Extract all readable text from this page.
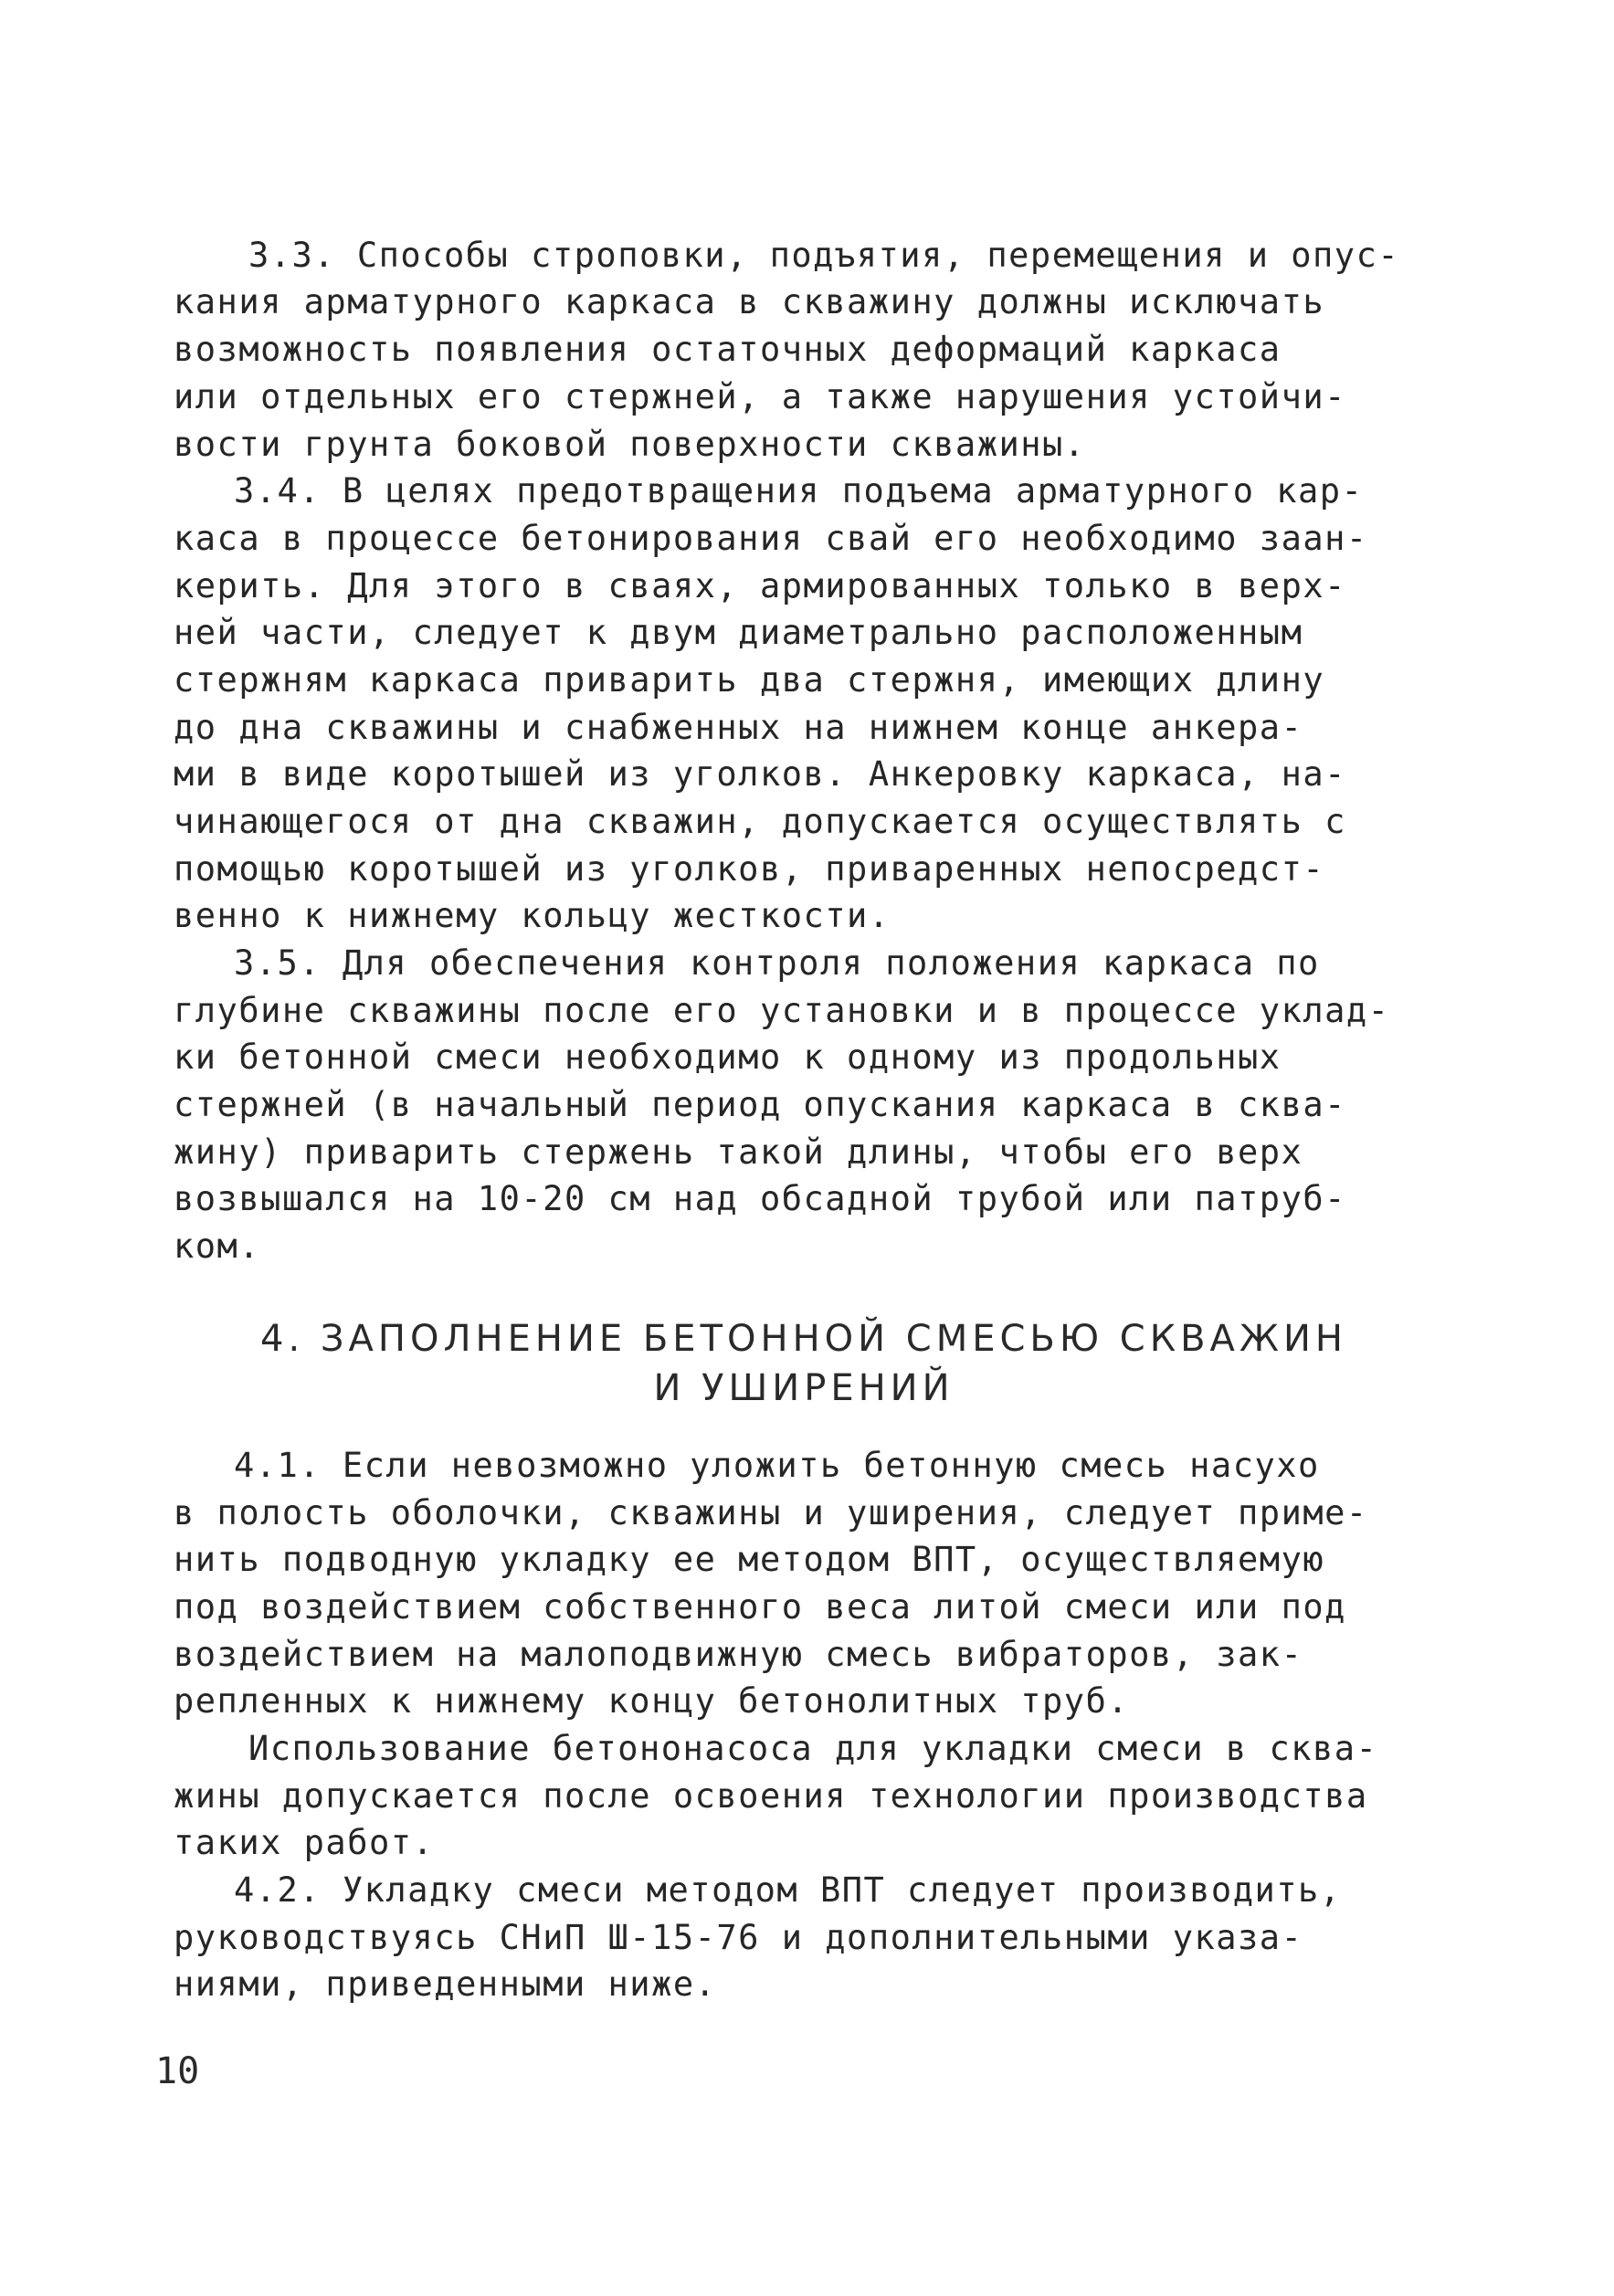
3.3. Способы строповки, подъятия, перемещения и опус-
кания арматурного каркаса в скважину должны исключать
возможность появления остаточных деформаций каркаса
или отдельных его стержней, а также нарушения устойчи-
вости грунта боковой поверхности скважины.
3.4. В целях предотвращения подъема арматурного кар-
каса в процессе бетонирования свай его необходимо заан-
керить. Для этого в сваях, армированных только в верх-
ней части, следует к двум диаметрально расположенным
стержням каркаса приварить два стержня, имеющих длину
до дна скважины и снабженных на нижнем конце анкера-
ми в виде коротышей из уголков. Анкеровку каркаса, на-
чинающегося от дна скважин, допускается осуществлять с
помощью коротышей из уголков, приваренных непосредст-
венно к нижнему кольцу жесткости.
3.5. Для обеспечения контроля положения каркаса по
глубине скважины после его установки и в процессе уклад-
ки бетонной смеси необходимо к одному из продольных
стержней (в начальный период опускания каркаса в сква-
жину) приварить стержень такой длины, чтобы его верх
возвышался на 10-20 см над обсадной трубой или патруб-
ком.
4. ЗАПОЛНЕНИЕ БЕТОННОЙ СМЕСЬЮ СКВАЖИН
И УШИРЕНИЙ
4.1. Если невозможно уложить бетонную смесь насухо
в полость оболочки, скважины и уширения, следует приме-
нить подводную укладку ее методом ВПТ, осуществляемую
под воздействием собственного веса литой смеси или под
воздействием на малоподвижную смесь вибраторов, зак-
репленных к нижнему концу бетонолитных труб.
Использование бетононасоса для укладки смеси в сква-
жины допускается после освоения технологии производства
таких работ.
4.2. Укладку смеси методом ВПТ следует производить,
руководствуясь СНиП Ш-15-76 и дополнительными указа-
ниями, приведенными ниже.
10
